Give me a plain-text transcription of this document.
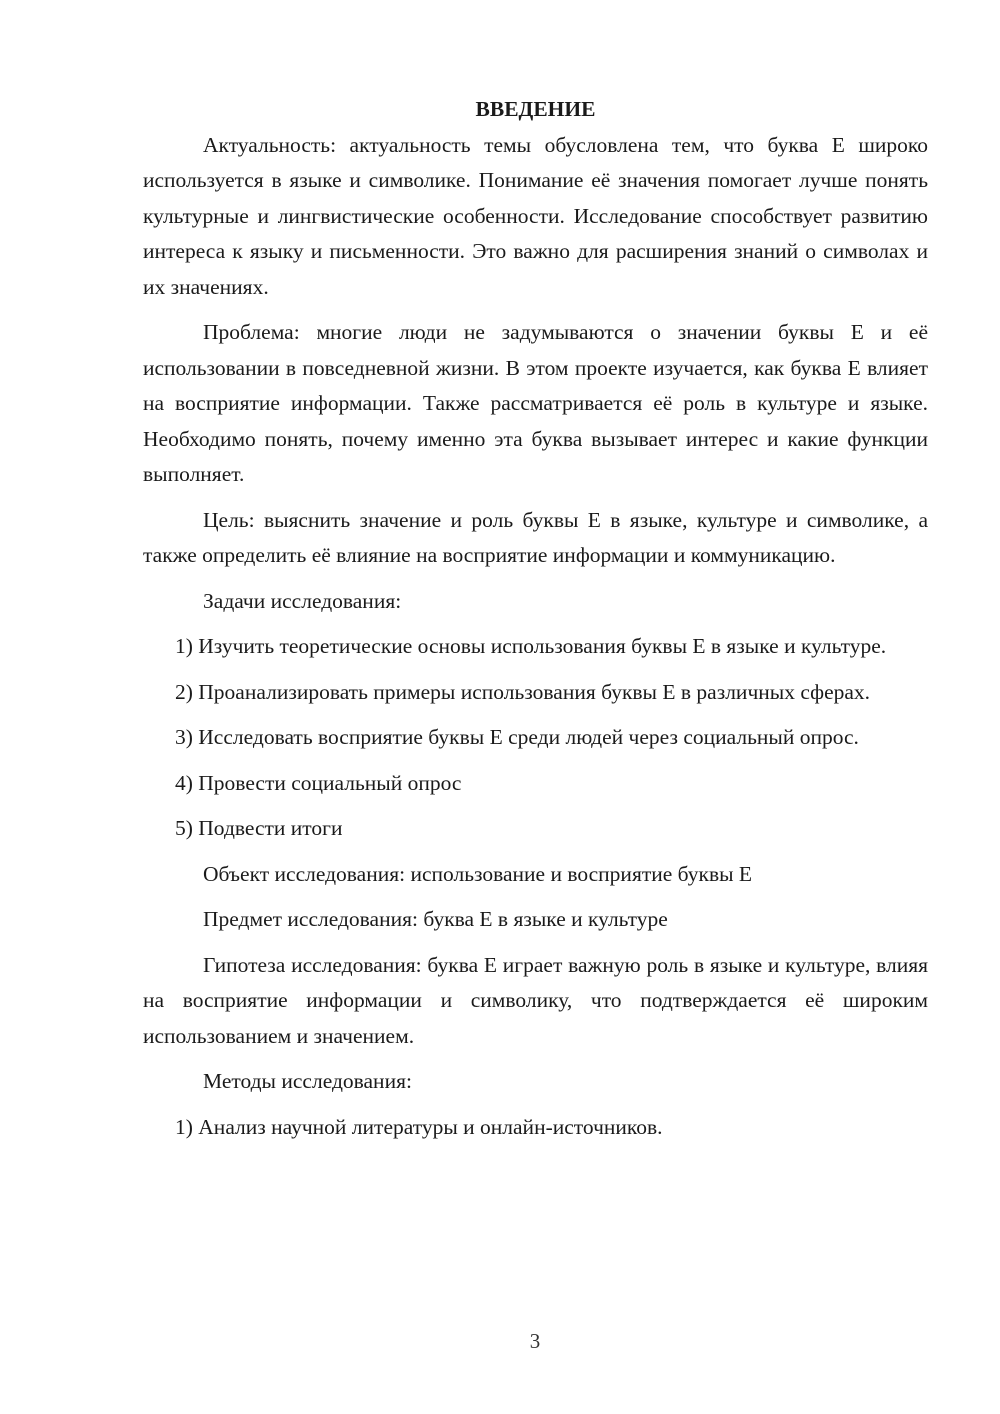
ВВЕДЕНИЕ

Актуальность: актуальность темы обусловлена тем, что буква Е широко используется в языке и символике. Понимание её значения помогает лучше понять культурные и лингвистические особенности. Исследование способствует развитию интереса к языку и письменности. Это важно для расширения знаний о символах и их значениях.

Проблема: многие люди не задумываются о значении буквы Е и её использовании в повседневной жизни. В этом проекте изучается, как буква Е влияет на восприятие информации. Также рассматривается её роль в культуре и языке. Необходимо понять, почему именно эта буква вызывает интерес и какие функции выполняет.

Цель: выяснить значение и роль буквы Е в языке, культуре и символике, а также определить её влияние на восприятие информации и коммуникацию.

Задачи исследования:

1) Изучить теоретические основы использования буквы Е в языке и культуре.

2) Проанализировать примеры использования буквы Е в различных сферах.

3) Исследовать восприятие буквы Е среди людей через социальный опрос.

4) Провести социальный опрос

5) Подвести итоги

Объект исследования: использование и восприятие буквы Е

Предмет исследования: буква Е в языке и культуре

Гипотеза исследования: буква Е играет важную роль в языке и культуре, влияя на восприятие информации и символику, что подтверждается её широким использованием и значением.

Методы исследования:

1) Анализ научной литературы и онлайн-источников.

3
